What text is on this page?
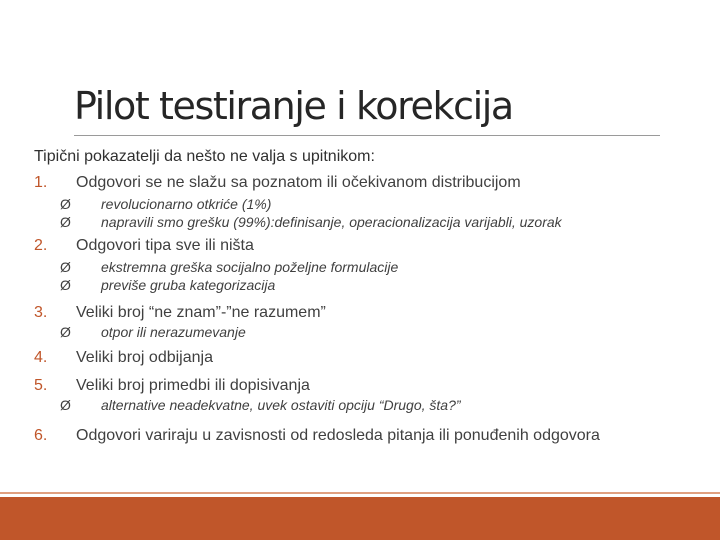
Pilot testiranje i korekcija
Tipični pokazatelji da nešto ne valja s upitnikom:
1. Odgovori se ne slažu sa poznatom ili očekivanom distribucijom
Ø revolucionarno otkriće (1%)
Ø napravili smo grešku (99%):definisanje, operacionalizacija varijabli, uzorak
2. Odgovori tipa sve ili ništa
Ø ekstremna greška socijalno poželjne formulacije
Ø previše gruba kategorizacija
3. Veliki broj “ne znam”-”ne razumem”
Ø otpor ili nerazumevanje
4. Veliki broj odbijanja
5. Veliki broj primedbi ili dopisivanja
Ø alternative neadekvatne, uvek ostaviti opciju “Drugo, šta?”
6. Odgovori variraju u zavisnosti od redosleda pitanja ili ponuđenih odgovora
